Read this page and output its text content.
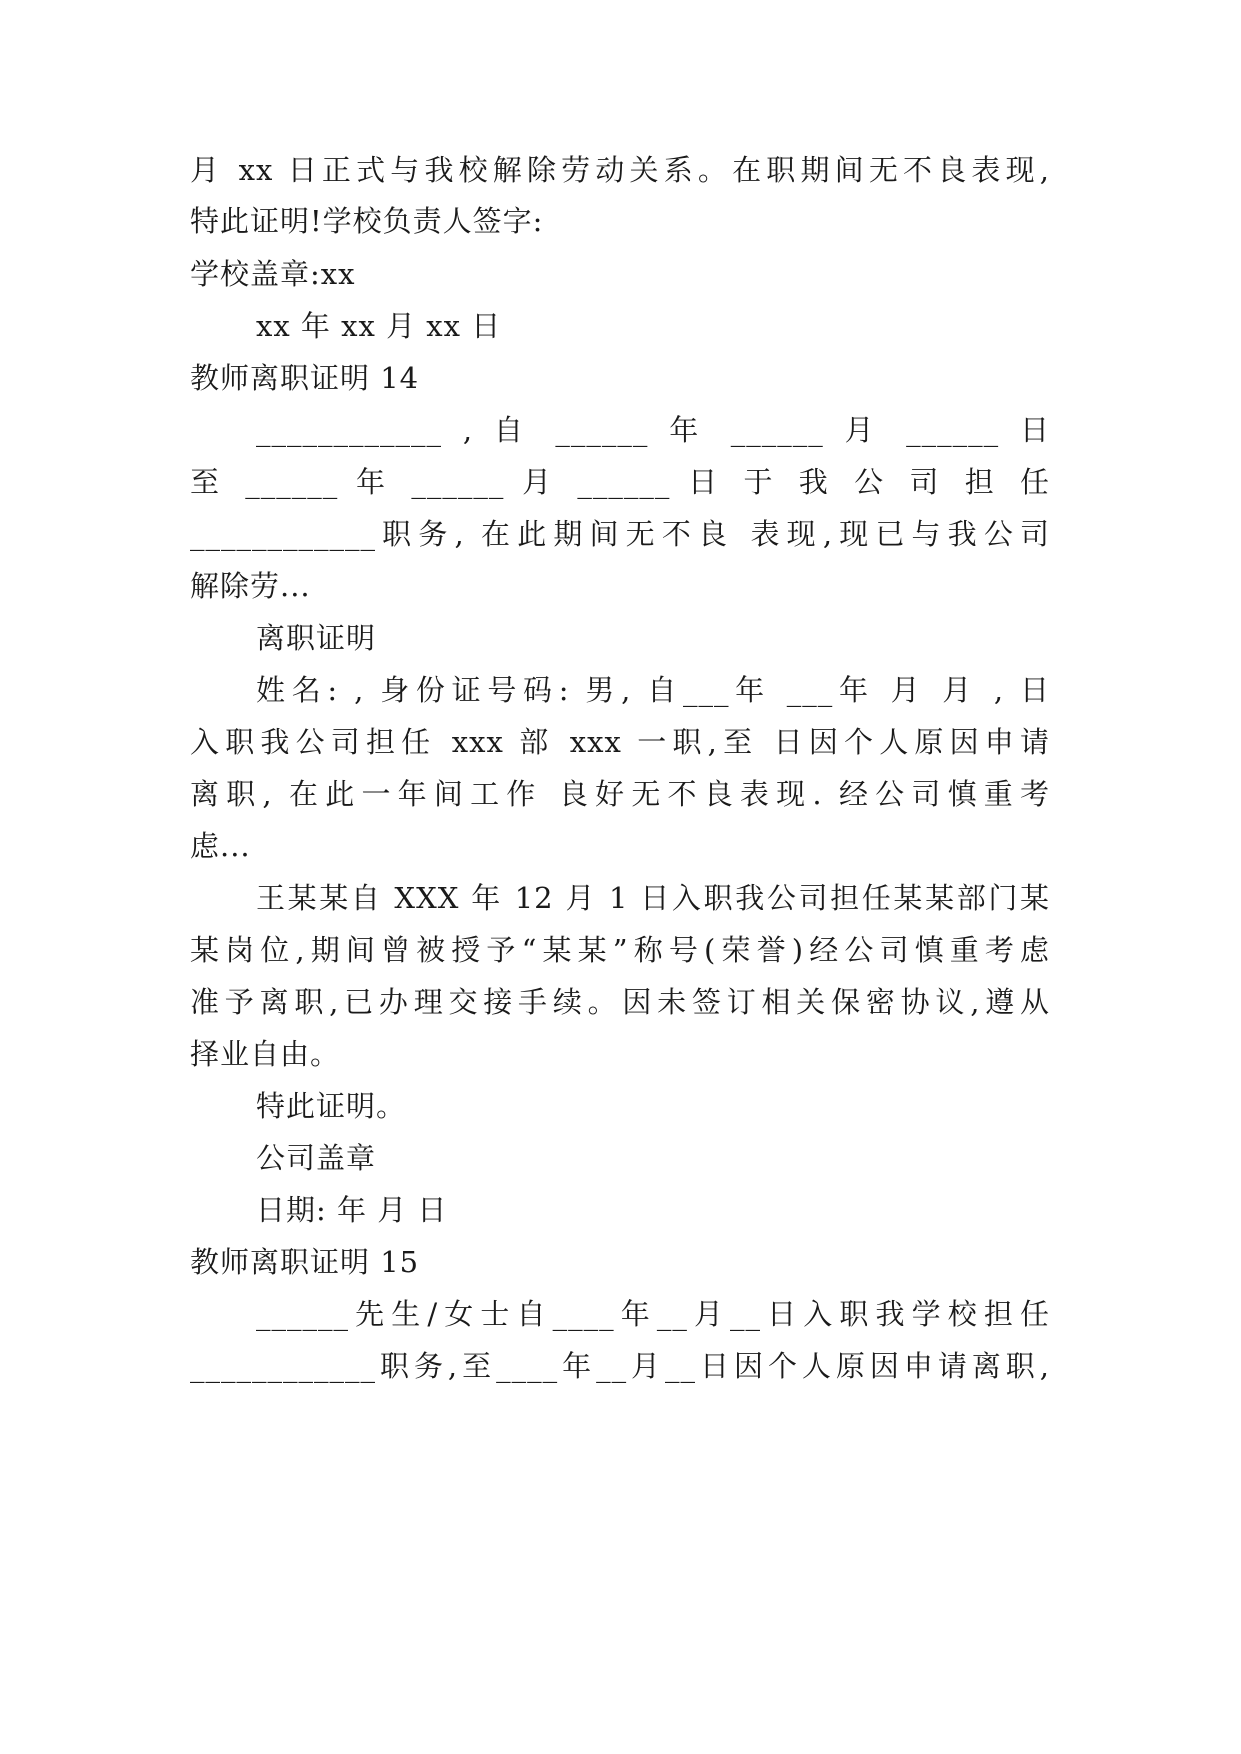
月 xx 日正式与我校解除劳动关系。在职期间无不良表现,
特此证明!学校负责人签字:
学校盖章:xx
xx 年 xx 月 xx 日
教师离职证明 14
____________ , 自 ______ 年 ______ 月 ______ 日
至 ______ 年 ______ 月 ______ 日 于 我 公 司 担 任
____________职务, 在此期间无不良 表现,现已与我公司
解除劳...
离职证明
姓名: , 身份证号码: 男, 自___年 ___年 月 月 , 日
入职我公司担任 xxx 部 xxx 一职,至 日因个人原因申请
离职, 在此一年间工作 良好无不良表现. 经公司慎重考
虑...
王某某自 XXX 年 12 月 1 日入职我公司担任某某部门某
某岗位,期间曾被授予“某某”称号(荣誉)经公司慎重考虑
准予离职,已办理交接手续。因未签订相关保密协议,遵从
择业自由。
特此证明。
公司盖章
日期: 年 月 日
教师离职证明 15
______先生/女士自____年__月__日入职我学校担任
____________职务,至____年__月__日因个人原因申请离职,
